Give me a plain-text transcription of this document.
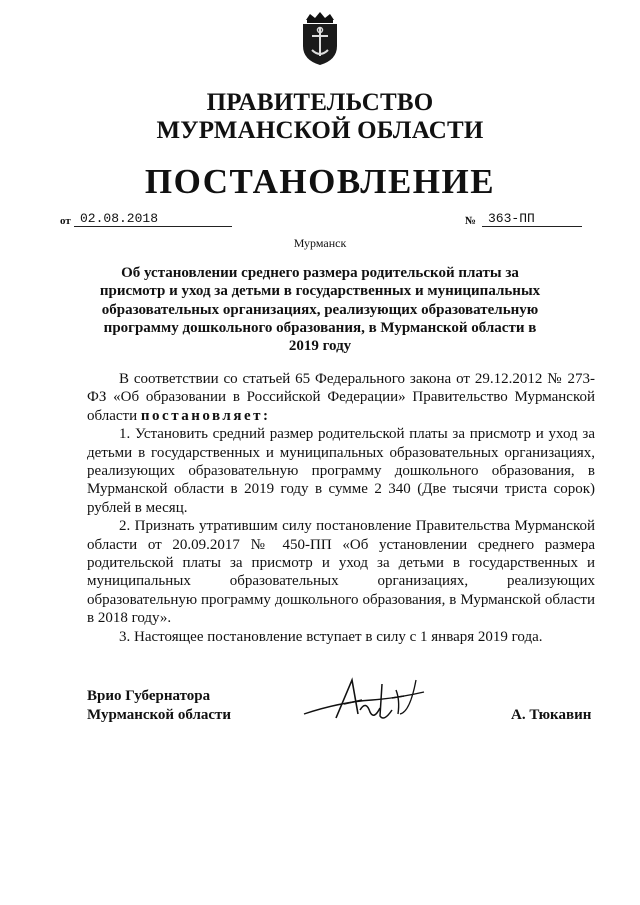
ПРАВИТЕЛЬСТВО
МУРМАНСКОЙ ОБЛАСТИ
ПОСТАНОВЛЕНИЕ
от 02.08.2018	№ 363-ПП
Мурманск
Об установлении среднего размера родительской платы за присмотр и уход за детьми в государственных и муниципальных образовательных организациях, реализующих образовательную программу дошкольного образования, в Мурманской области в 2019 году

В соответствии со статьей 65 Федерального закона от 29.12.2012 № 273-ФЗ «Об образовании в Российской Федерации» Правительство Мурманской области постановляет:

1. Установить средний размер родительской платы за присмотр и уход за детьми в государственных и муниципальных образовательных организациях, реализующих образовательную программу дошкольного образования, в Мурманской области в 2019 году в сумме 2 340 (Две тысячи триста сорок) рублей в месяц.

2. Признать утратившим силу постановление Правительства Мурманской области от 20.09.2017 № 450-ПП «Об установлении среднего размера родительской платы за присмотр и уход за детьми в государственных и муниципальных образовательных организациях, реализующих образовательную программу дошкольного образования, в Мурманской области в 2018 году».

3. Настоящее постановление вступает в силу с 1 января 2019 года.

Врио Губернатора
Мурманской области	А. Тюкавин
